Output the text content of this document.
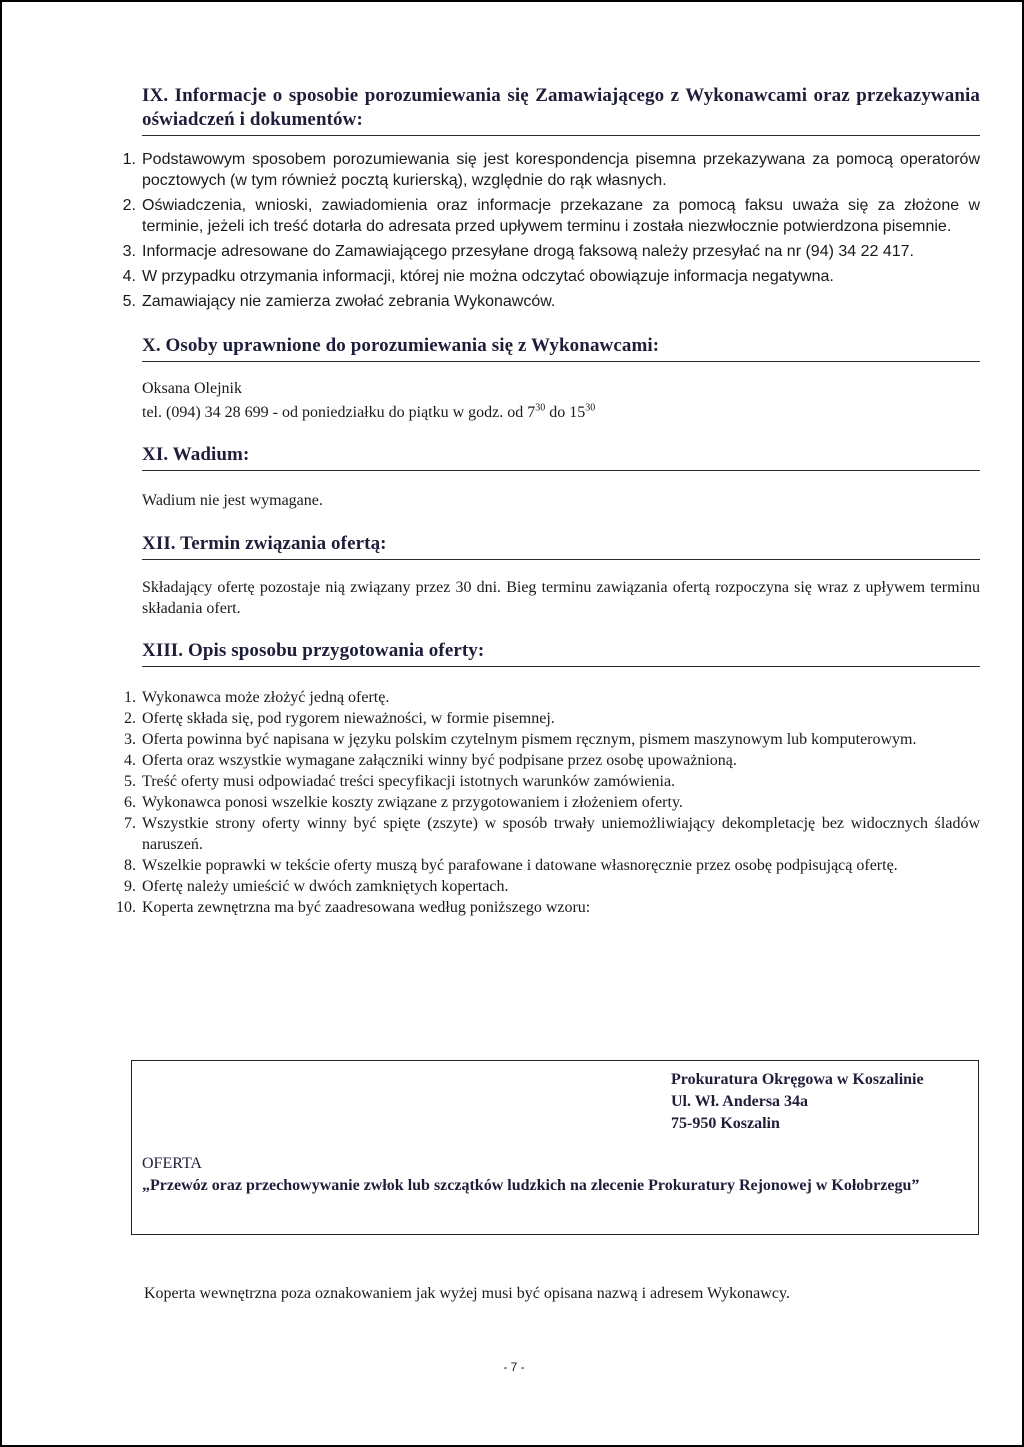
IX. Informacje o sposobie porozumiewania się Zamawiającego z Wykonawcami oraz przekazywania oświadczeń i dokumentów:
1. Podstawowym sposobem porozumiewania się jest korespondencja pisemna przekazywana za pomocą operatorów pocztowych (w tym również pocztą kurierską), względnie do rąk własnych.
2. Oświadczenia, wnioski, zawiadomienia oraz informacje przekazane za pomocą faksu uważa się za złożone w terminie, jeżeli ich treść dotarła do adresata przed upływem terminu i została niezwłocznie potwierdzona pisemnie.
3. Informacje adresowane do Zamawiającego przesyłane drogą faksową należy przesyłać na nr (94) 34 22 417.
4. W przypadku otrzymania informacji, której nie można odczytać obowiązuje informacja negatywna.
5. Zamawiający nie zamierza zwołać zebrania Wykonawców.
X. Osoby uprawnione do porozumiewania się z Wykonawcami:

Oksana Olejnik

tel. (094) 34 28 699 - od poniedziałku do piątku w godz. od $7^{30}$ do $15^{30}$

XI. Wadium:

Wadium nie jest wymagane.

XII. Termin związania ofertą:

Składający ofertę pozostaje nią związany przez 30 dni. Bieg terminu zawiązania ofertą rozpoczyna się wraz z upływem terminu składania ofert.

XIII. Opis sposobu przygotowania oferty:
1. Wykonawca może złożyć jedną ofertę.
2. Ofertę składa się, pod rygorem nieważności, w formie pisemnej.
3. Oferta powinna być napisana w języku polskim czytelnym pismem ręcznym, pismem maszynowym lub komputerowym.
4. Oferta oraz wszystkie wymagane załączniki winny być podpisane przez osobę upoważnioną.
5. Treść oferty musi odpowiadać treści specyfikacji istotnych warunków zamówienia.
6. Wykonawca ponosi wszelkie koszty związane z przygotowaniem i złożeniem oferty.
7. Wszystkie strony oferty winny być spięte (zszyte) w sposób trwały uniemożliwiający dekompletację bez widocznych śladów naruszeń.
8. Wszelkie poprawki w tekście oferty muszą być parafowane i datowane własnoręcznie przez osobę podpisującą ofertę.
9. Ofertę należy umieścić w dwóch zamkniętych kopertach.
10. Koperta zewnętrzna ma być zaadresowana według poniższego wzoru:
Prokuratura Okręgowa w Koszalinie
Ul. Wł. Andersa 34a
75-950 Koszalin
OFERTA
„Przewóz oraz przechowywanie zwłok lub szczątków ludzkich na zlecenie Prokuratury Rejonowej w Kołobrzegu”

Koperta wewnętrzna poza oznakowaniem jak wyżej musi być opisana nazwą i adresem Wykonawcy.

- 7 -
